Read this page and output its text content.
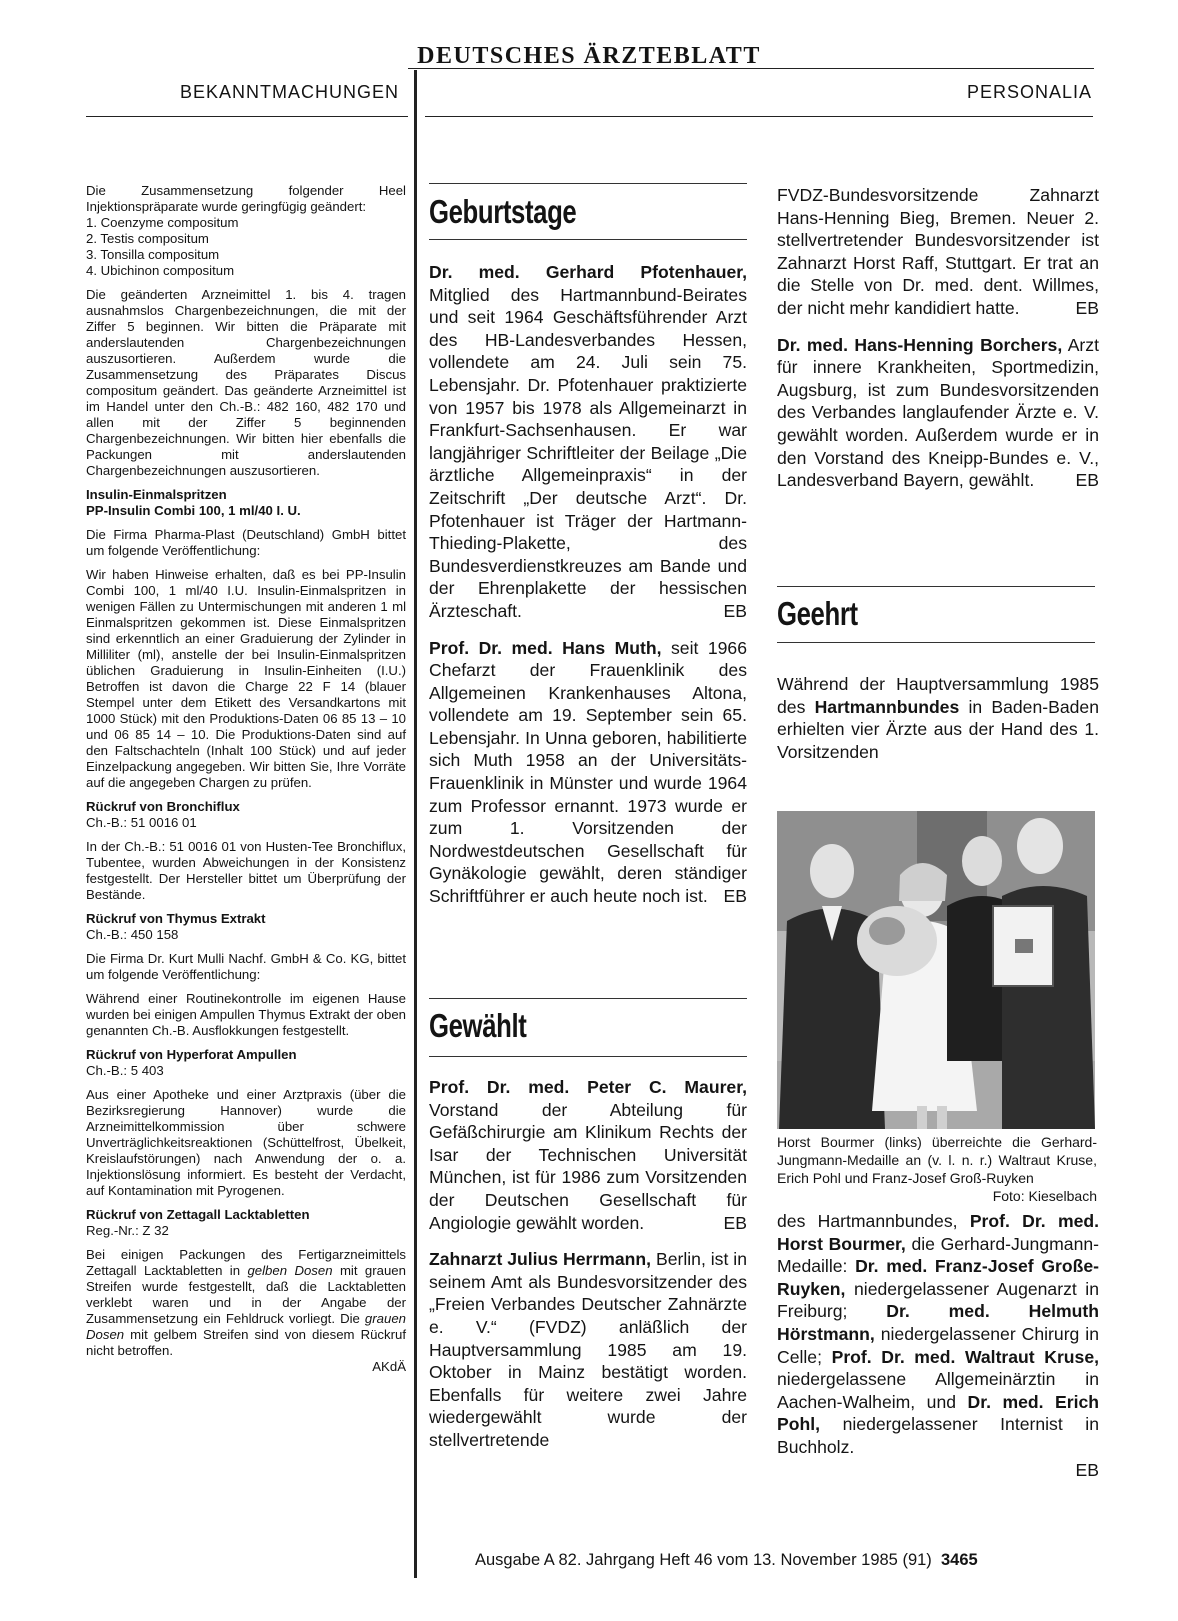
DEUTSCHES ÄRZTEBLATT
BEKANNTMACHUNGEN	PERSONALIA

Die Zusammensetzung folgender Heel Injektionspräparate wurde geringfügig geändert:

1. Coenzyme compositum
2. Testis compositum
3. Tonsilla compositum
4. Ubichinon compositum

Die geänderten Arzneimittel 1. bis 4. tragen ausnahmslos Chargenbezeichnungen, die mit der Ziffer 5 beginnen. Wir bitten die Präparate mit anderslautenden Chargenbezeichnungen auszusortieren. Außerdem wurde die Zusammensetzung des Präparates Discus compositum geändert. Das geänderte Arzneimittel ist im Handel unter den Ch.-B.: 482 160, 482 170 und allen mit der Ziffer 5 beginnenden Chargenbezeichnungen. Wir bitten hier ebenfalls die Packungen mit anderslautenden Chargenbezeichnungen auszusortieren.

Insulin-Einmalspritzen

PP-Insulin Combi 100, 1 ml/40 I. U.

Die Firma Pharma-Plast (Deutschland) GmbH bittet um folgende Veröffentlichung:

Wir haben Hinweise erhalten, daß es bei PP-Insulin Combi 100, 1 ml/40 I.U. Insulin-Einmalspritzen in wenigen Fällen zu Untermischungen mit anderen 1 ml Einmalspritzen gekommen ist. Diese Einmalspritzen sind erkenntlich an einer Graduierung der Zylinder in Milliliter (ml), anstelle der bei Insulin-Einmalspritzen üblichen Graduierung in Insulin-Einheiten (I.U.) Betroffen ist davon die Charge 22 F 14 (blauer Stempel unter dem Etikett des Versandkartons mit 1000 Stück) mit den Produktions-Daten 06 85 13 – 10 und 06 85 14 – 10. Die Produktions-Daten sind auf den Faltschachteln (Inhalt 100 Stück) und auf jeder Einzelpackung angegeben. Wir bitten Sie, Ihre Vorräte auf die angegeben Chargen zu prüfen.

Rückruf von Bronchiflux

Ch.-B.: 51 0016 01

In der Ch.-B.: 51 0016 01 von Husten-Tee Bronchiflux, Tubentee, wurden Abweichungen in der Konsistenz festgestellt. Der Hersteller bittet um Überprüfung der Bestände.

Rückruf von Thymus Extrakt

Ch.-B.: 450 158

Die Firma Dr. Kurt Mulli Nachf. GmbH & Co. KG, bittet um folgende Veröffentlichung:

Während einer Routinekontrolle im eigenen Hause wurden bei einigen Ampullen Thymus Extrakt der oben genannten Ch.-B. Ausflokkungen festgestellt.

Rückruf von Hyperforat Ampullen

Ch.-B.: 5 403

Aus einer Apotheke und einer Arztpraxis (über die Bezirksregierung Hannover) wurde die Arzneimittelkommission über schwere Unverträglichkeitsreaktionen (Schüttelfrost, Übelkeit, Kreislaufstörungen) nach Anwendung der o. a. Injektionslösung informiert. Es besteht der Verdacht, auf Kontamination mit Pyrogenen.

Rückruf von Zettagall Lacktabletten

Reg.-Nr.: Z 32

Bei einigen Packungen des Fertigarzneimittels Zettagall Lacktabletten in gelben Dosen mit grauen Streifen wurde festgestellt, daß die Lacktabletten verklebt waren und in der Angabe der Zusammensetzung ein Fehldruck vorliegt. Die grauen Dosen mit gelbem Streifen sind von diesem Rückruf nicht betroffen.

AKdÄ
Geburtstage

Dr. med. Gerhard Pfotenhauer, Mitglied des Hartmannbund-Beirates und seit 1964 Geschäftsführender Arzt des HB-Landesverbandes Hessen, vollendete am 24. Juli sein 75. Lebensjahr. Dr. Pfotenhauer praktizierte von 1957 bis 1978 als Allgemeinarzt in Frankfurt-Sachsenhausen. Er war langjähriger Schriftleiter der Beilage „Die ärztliche Allgemeinpraxis“ in der Zeitschrift „Der deutsche Arzt“. Dr. Pfotenhauer ist Träger der Hartmann-Thieding-Plakette, des Bundesverdienstkreuzes am Bande und der Ehrenplakette der hessischen Ärzteschaft.	EB

Prof. Dr. med. Hans Muth, seit 1966 Chefarzt der Frauenklinik des Allgemeinen Krankenhauses Altona, vollendete am 19. September sein 65. Lebensjahr. In Unna geboren, habilitierte sich Muth 1958 an der Universitäts-Frauenklinik in Münster und wurde 1964 zum Professor ernannt. 1973 wurde er zum 1. Vorsitzenden der Nordwestdeutschen Gesellschaft für Gynäkologie gewählt, deren ständiger Schriftführer er auch heute noch ist. EB

Gewählt

Prof. Dr. med. Peter C. Maurer, Vorstand der Abteilung für Gefäßchirurgie am Klinikum Rechts der Isar der Technischen Universität München, ist für 1986 zum Vorsitzenden der Deutschen Gesellschaft für Angiologie gewählt worden.	EB

Zahnarzt Julius Herrmann, Berlin, ist in seinem Amt als Bundesvorsitzender des „Freien Verbandes Deutscher Zahnärzte e. V.“ (FVDZ) anläßlich der Hauptversammlung 1985 am 19. Oktober in Mainz bestätigt worden. Ebenfalls für weitere zwei Jahre wiedergewählt wurde der stellvertretende

FVDZ-Bundesvorsitzende Zahnarzt Hans-Henning Bieg, Bremen. Neuer 2. stellvertretender Bundesvorsitzender ist Zahnarzt Horst Raff, Stuttgart. Er trat an die Stelle von Dr. med. dent. Willmes, der nicht mehr kandidiert hatte.	EB

Dr. med. Hans-Henning Borchers, Arzt für innere Krankheiten, Sportmedizin, Augsburg, ist zum Bundesvorsitzenden des Verbandes langlaufender Ärzte e. V. gewählt worden. Außerdem wurde er in den Vorstand des Kneipp-Bundes e. V., Landesverband Bayern, gewählt. EB

Geehrt

Während der Hauptversammlung 1985 des Hartmannbundes in Baden-Baden erhielten vier Ärzte aus der Hand des 1. Vorsitzenden

Horst Bourmer (links) überreichte die Gerhard-Jungmann-Medaille an (v. l. n. r.) Waltraut Kruse, Erich Pohl und Franz-Josef Groß-Ruyken
Foto: Kieselbach

des Hartmannbundes, Prof. Dr. med. Horst Bourmer, die Gerhard-Jungmann-Medaille: Dr. med. Franz-Josef Große-Ruyken, niedergelassener Augenarzt in Freiburg; Dr. med. Helmuth Hörstmann, niedergelassener Chirurg in Celle; Prof. Dr. med. Waltraut Kruse, niedergelassene Allgemeinärztin in Aachen-Walheim, und Dr. med. Erich Pohl, niedergelassener Internist in Buchholz.

EB
Ausgabe A 82. Jahrgang Heft 46 vom 13. November 1985 (91) 3465
